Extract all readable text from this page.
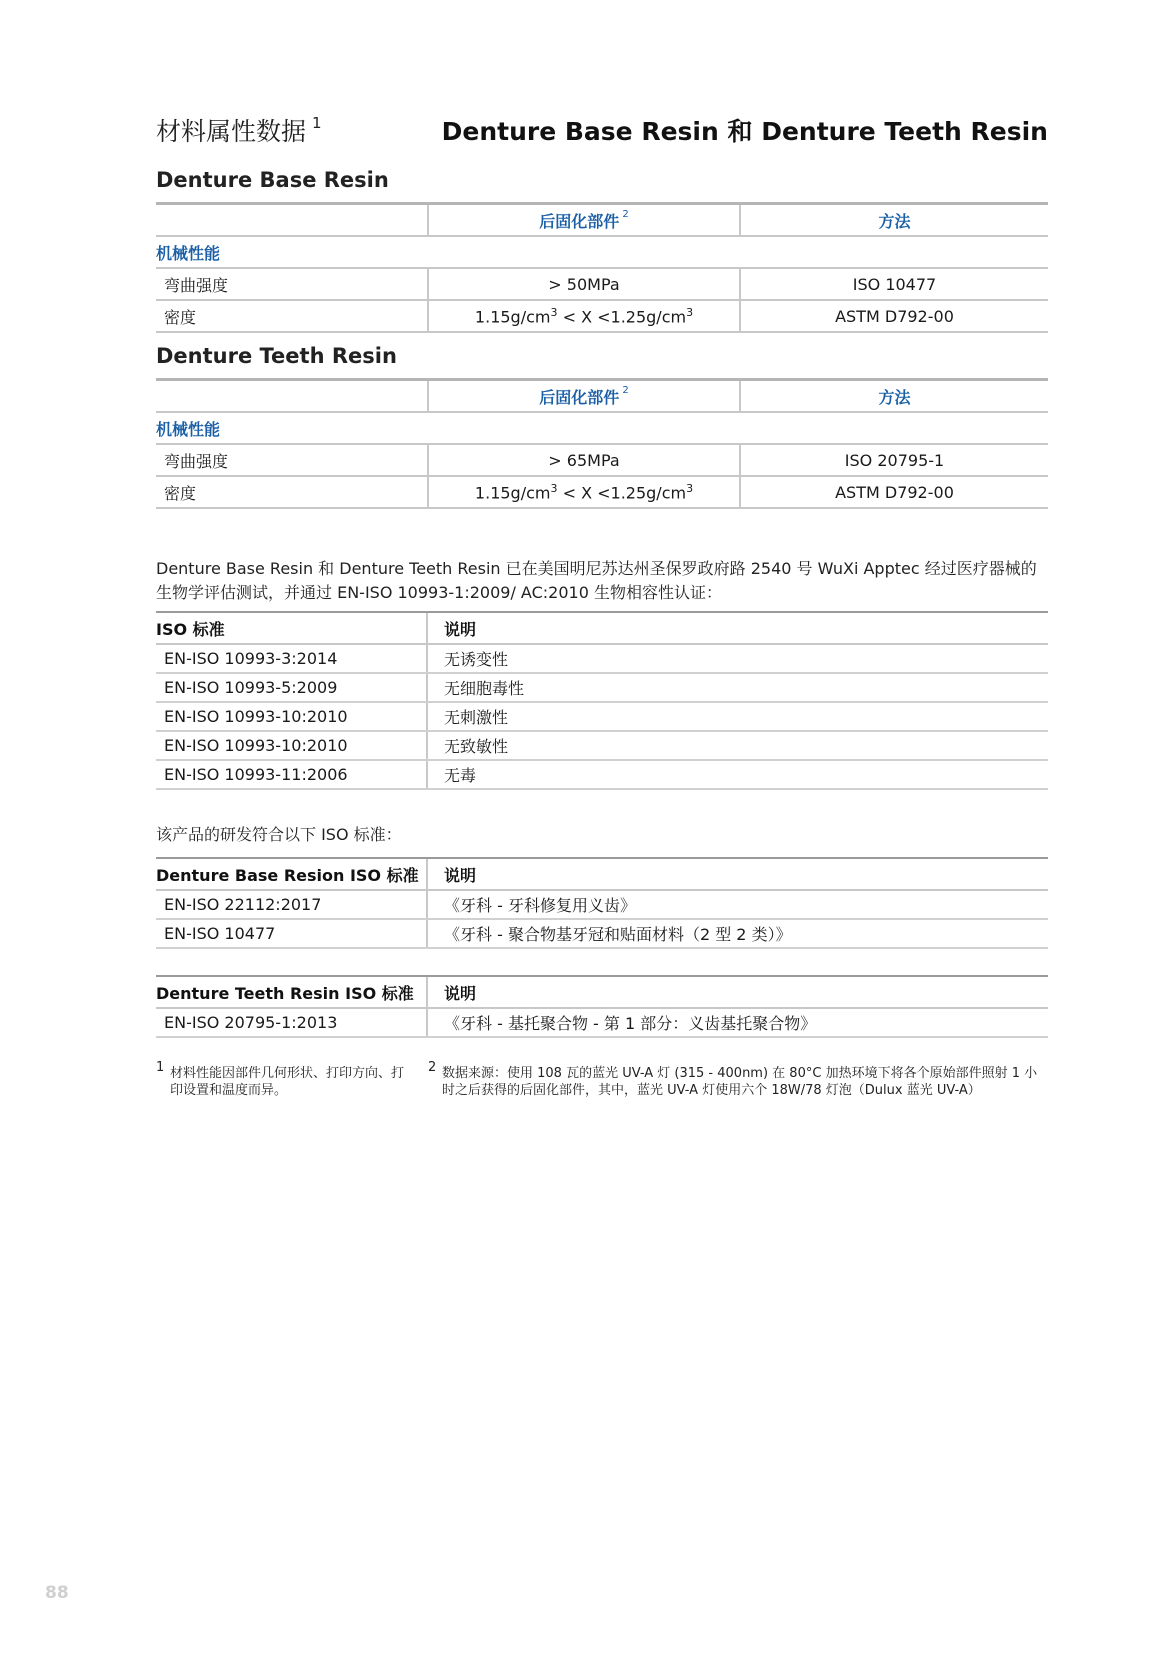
材料属性数据 $^1$	Denture Base Resin 和 Denture Teeth Resin
Denture Base Resin
	后固化部件 $^2$	方法
机械性能		
弯曲强度	> 50MPa	ISO 10477
密度	$1.15g/cm^3 < X <1.25g/cm^3$	ASTM D792-00
Denture Teeth Resin
	后固化部件 $^2$	方法
机械性能		
弯曲强度	> 65MPa	ISO 20795-1
密度	$1.15g/cm^3 < X <1.25g/cm^3$	ASTM D792-00
Denture Base Resin 和 Denture Teeth Resin 已在美国明尼苏达州圣保罗政府路 2540 号 WuXi Apptec 经过医疗器械的生物学评估测试，并通过 EN-ISO 10993-1:2009/ AC:2010 生物相容性认证：
ISO 标准	说明
EN-ISO 10993-3:2014	无诱变性
EN-ISO 10993-5:2009	无细胞毒性
EN-ISO 10993-10:2010	无刺激性
EN-ISO 10993-10:2010	无致敏性
EN-ISO 10993-11:2006	无毒
该产品的研发符合以下 ISO 标准：
Denture Base Resion ISO 标准	说明
EN-ISO 22112:2017	《牙科 - 牙科修复用义齿》
EN-ISO 10477	《牙科 - 聚合物基牙冠和贴面材料（2 型 2 类）》
Denture Teeth Resin ISO 标准	说明
EN-ISO 20795-1:2013	《牙科 - 基托聚合物 - 第 1 部分：义齿基托聚合物》
1 材料性能因部件几何形状、打印方向、打印设置和温度而异。
2 数据来源：使用 108 瓦的蓝光 UV-A 灯 (315 - 400nm) 在 80°C 加热环境下将各个原始部件照射 1 小时之后获得的后固化部件，其中，蓝光 UV-A 灯使用六个 18W/78 灯泡（Dulux 蓝光 UV-A）
88
